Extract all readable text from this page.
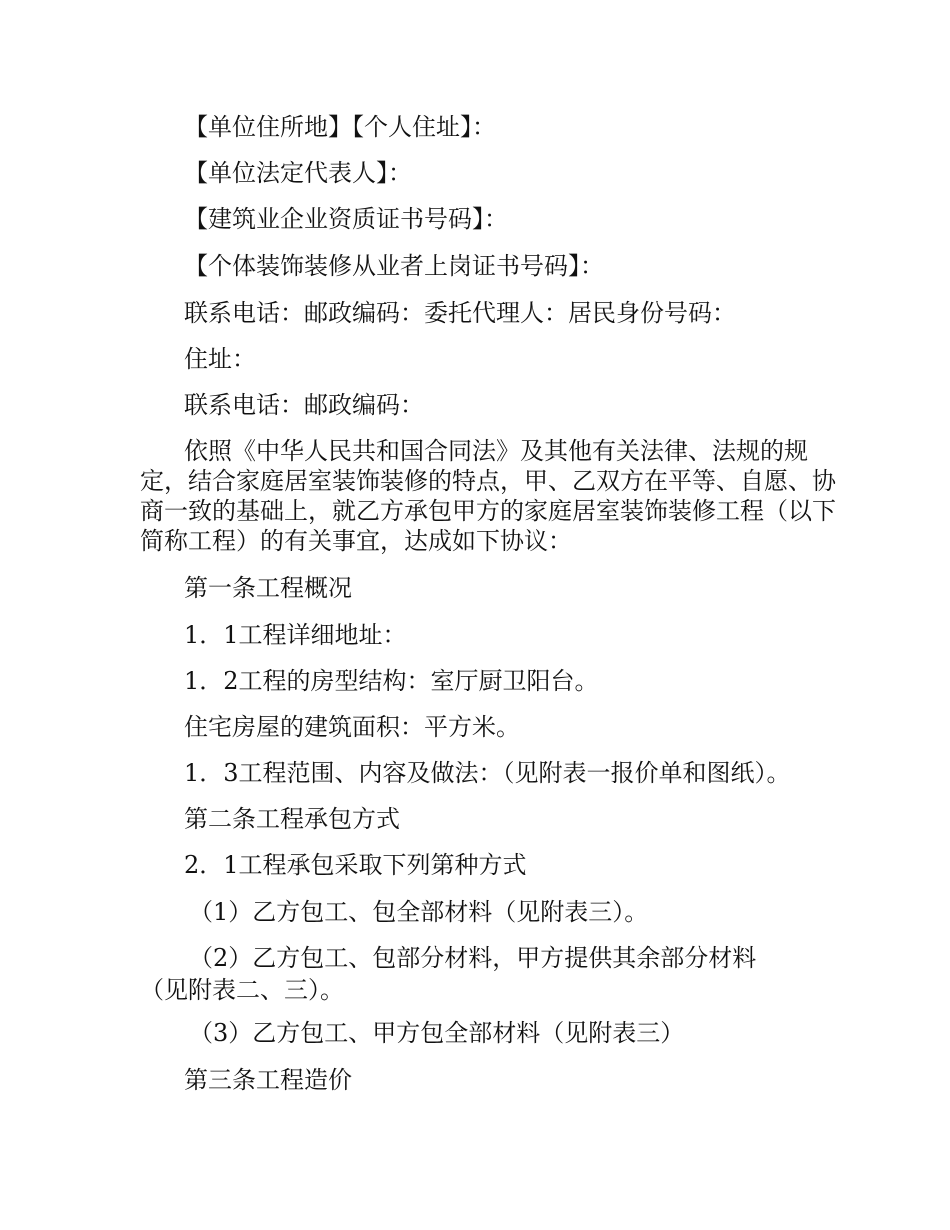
【单位住所地】【个人住址】：
【单位法定代表人】：
【建筑业企业资质证书号码】：
【个体装饰装修从业者上岗证书号码】：
联系电话：邮政编码：委托代理人：居民身份号码：
住址：
联系电话：邮政编码：
依照《中华人民共和国合同法》及其他有关法律、法规的规定，结合家庭居室装饰装修的特点，甲、乙双方在平等、自愿、协商一致的基础上，就乙方承包甲方的家庭居室装饰装修工程（以下简称工程）的有关事宜，达成如下协议：
第一条工程概况
1．1工程详细地址：
1．2工程的房型结构：室厅厨卫阳台。
住宅房屋的建筑面积：平方米。
1．3工程范围、内容及做法：（见附表一报价单和图纸）。
第二条工程承包方式
2．1工程承包采取下列第种方式
（1）乙方包工、包全部材料（见附表三）。
（2）乙方包工、包部分材料，甲方提供其余部分材料（见附表二、三）。
（3）乙方包工、甲方包全部材料（见附表三）
第三条工程造价
